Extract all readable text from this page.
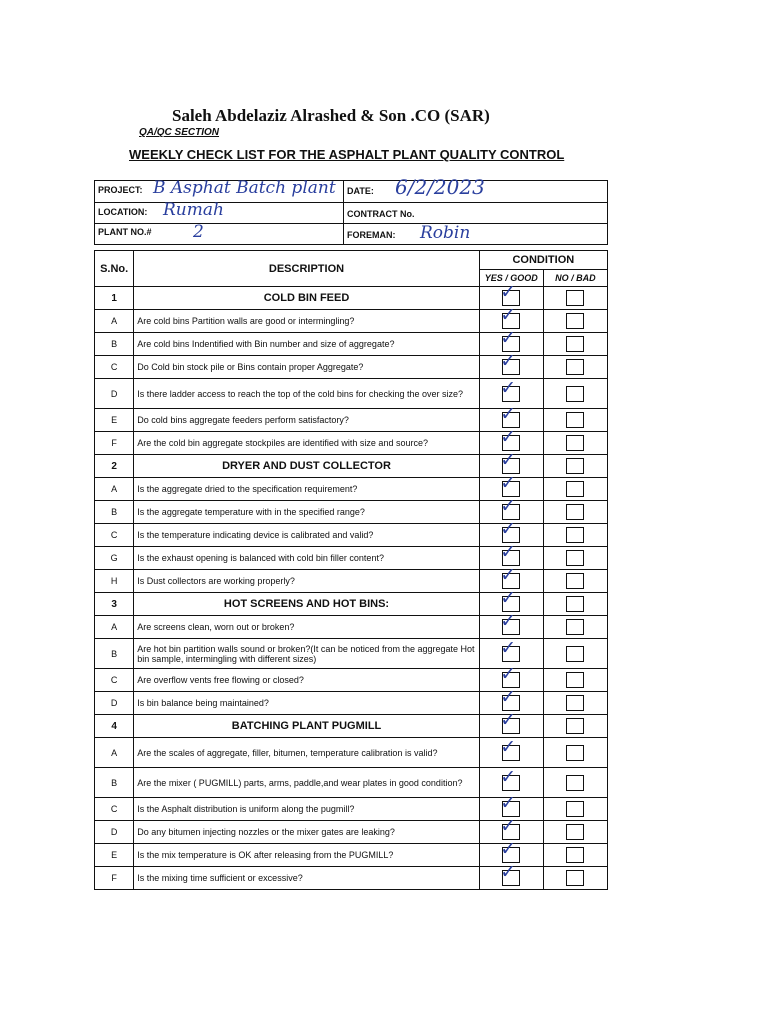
Saleh Abdelaziz Alrashed & Son .CO (SAR)
QA/QC SECTION
WEEKLY CHECK LIST FOR THE ASPHALT PLANT QUALITY CONTROL
PROJECT: B Asphat Batch plant DATE: 6/2/2023
LOCATION: Rumah	CONTRACT No.
PLANT NO.# 2	FOREMAN: Robin
S.No.	DESCRIPTION	CONDITION	
		YES / GOOD	NO / BAD
1	COLD BIN FEED	✓	

A	Are cold bins Partition walls are good or intermingling?	✓	

B	Are cold bins Indentified with Bin number and size of aggregate?	✓	

C	Do Cold bin stock pile or Bins contain proper Aggregate?	✓	

D	Is there ladder access to reach the top of the cold bins for checking the over size?	✓	

E	Do cold bins aggregate feeders perform satisfactory?	✓	

F	Are the cold bin aggregate stockpiles are identified with size and source?	✓	

2	DRYER AND DUST COLLECTOR	✓	

A	Is the aggregate dried to the specification requirement?	✓	

B	Is the aggregate temperature with in the specified range?	✓	

C	Is the temperature indicating device is calibrated and valid?	✓	

G	Is the exhaust opening is balanced with cold bin filler content?	✓	

H	Is Dust collectors are working properly?	✓	

3	HOT SCREENS AND HOT BINS:	✓	

A	Are screens clean, worn out or broken?	✓	

B	Are hot bin partition walls sound or broken?(It can be noticed from the aggregate Hot bin sample, intermingling with different sizes)	✓	

C	Are overflow vents free flowing or closed?	✓	

D	Is bin balance being maintained?	✓	

4	BATCHING PLANT PUGMILL	✓	

A	Are the scales of aggregate, filler, bitumen, temperature calibration is valid?	✓	

B	Are the mixer ( PUGMILL) parts, arms, paddle,and wear plates in good condition?	✓	

C	Is the Asphalt distribution is uniform along the pugmill?	✓	

D	Do any bitumen injecting nozzles or the mixer gates are leaking?	✓	

E	Is the mix temperature is OK after releasing from the PUGMILL?	✓	

F	Is the mixing time sufficient or excessive?	✓	
